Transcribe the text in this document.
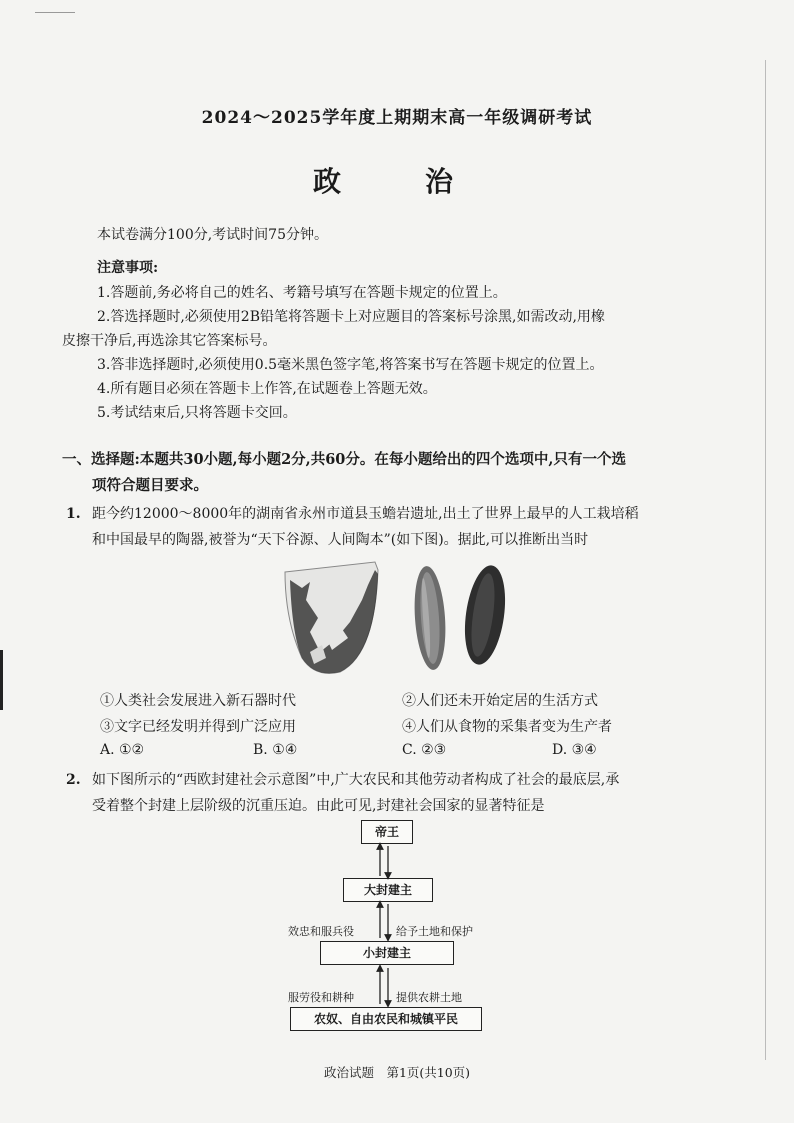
2024～2025学年度上期期末高一年级调研考试
政　治
本试卷满分100分,考试时间75分钟。
注意事项:
1.答题前,务必将自己的姓名、考籍号填写在答题卡规定的位置上。
2.答选择题时,必须使用2B铅笔将答题卡上对应题目的答案标号涂黑,如需改动,用橡
皮擦干净后,再选涂其它答案标号。
3.答非选择题时,必须使用0.5毫米黑色签字笔,将答案书写在答题卡规定的位置上。
4.所有题目必须在答题卡上作答,在试题卷上答题无效。
5.考试结束后,只将答题卡交回。
一、选择题:本题共30小题,每小题2分,共60分。在每小题给出的四个选项中,只有一个选
项符合题目要求。
1. 距今约12000～8000年的湖南省永州市道县玉蟾岩遗址,出土了世界上最早的人工栽培稻
和中国最早的陶器,被誉为“天下谷源、人间陶本”(如下图)。据此,可以推断出当时
①人类社会发展进入新石器时代	②人们还未开始定居的生活方式
③文字已经发明并得到广泛应用	④人们从食物的采集者变为生产者
A. ①②	B. ①④	C. ②③	D. ③④
2. 如下图所示的“西欧封建社会示意图”中,广大农民和其他劳动者构成了社会的最底层,承
受着整个封建上层阶级的沉重压迫。由此可见,封建社会国家的显著特征是
帝王
大封建主
小封建主
农奴、自由农民和城镇平民
效忠和服兵役	给予土地和保护
服劳役和耕种	提供农耕土地
政治试题　第1页(共10页)
